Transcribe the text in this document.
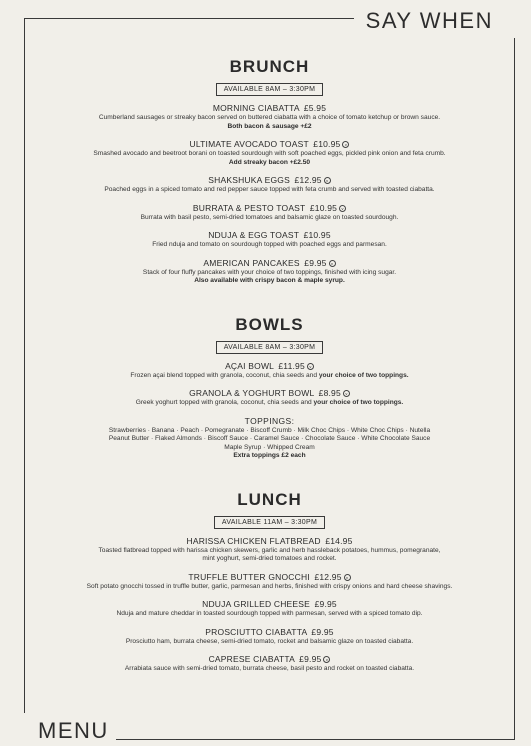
SAY WHEN
MENU
BRUNCH
AVAILABLE 8AM – 3:30PM
MORNING CIABATTA £5.95
Cumberland sausages or streaky bacon served on buttered ciabatta with a choice of tomato ketchup or brown sauce.
Both bacon & sausage +£2
ULTIMATE AVOCADO TOAST £10.95 v
Smashed avocado and beetroot borani on toasted sourdough with soft poached eggs, pickled pink onion and feta crumb.
Add streaky bacon +£2.50
SHAKSHUKA EGGS £12.95 v
Poached eggs in a spiced tomato and red pepper sauce topped with feta crumb and served with toasted ciabatta.
BURRATA & PESTO TOAST £10.95 v
Burrata with basil pesto, semi-dried tomatoes and balsamic glaze on toasted sourdough.
NDUJA & EGG TOAST £10.95
Fried nduja and tomato on sourdough topped with poached eggs and parmesan.
AMERICAN PANCAKES £9.95 v
Stack of four fluffy pancakes with your choice of two toppings, finished with icing sugar.
Also available with crispy bacon & maple syrup.
BOWLS
AVAILABLE 8AM – 3:30PM
AÇAI BOWL £11.95 v
Frozen açai blend topped with granola, coconut, chia seeds and your choice of two toppings.
GRANOLA & YOGHURT BOWL £8.95 v
Greek yoghurt topped with granola, coconut, chia seeds and your choice of two toppings.
TOPPINGS:
Strawberries · Banana · Peach · Pomegranate · Biscoff Crumb · Milk Choc Chips · White Choc Chips · Nutella
Peanut Butter · Flaked Almonds · Biscoff Sauce · Caramel Sauce · Chocolate Sauce · White Chocolate Sauce
Maple Syrup · Whipped Cream
Extra toppings £2 each
LUNCH
AVAILABLE 11AM – 3:30PM
HARISSA CHICKEN FLATBREAD £14.95
Toasted flatbread topped with harissa chicken skewers, garlic and herb hassleback potatoes, hummus, pomegranate, mint yoghurt, semi-dried tomatoes and rocket.
TRUFFLE BUTTER GNOCCHI £12.95 v
Soft potato gnocchi tossed in truffle butter, garlic, parmesan and herbs, finished with crispy onions and hard cheese shavings.
NDUJA GRILLED CHEESE £9.95
Nduja and mature cheddar in toasted sourdough topped with parmesan, served with a spiced tomato dip.
PROSCIUTTO CIABATTA £9.95
Prosciutto ham, burrata cheese, semi-dried tomato, rocket and balsamic glaze on toasted ciabatta.
CAPRESE CIABATTA £9.95 v
Arrabiata sauce with semi-dried tomato, burrata cheese, basil pesto and rocket on toasted ciabatta.
